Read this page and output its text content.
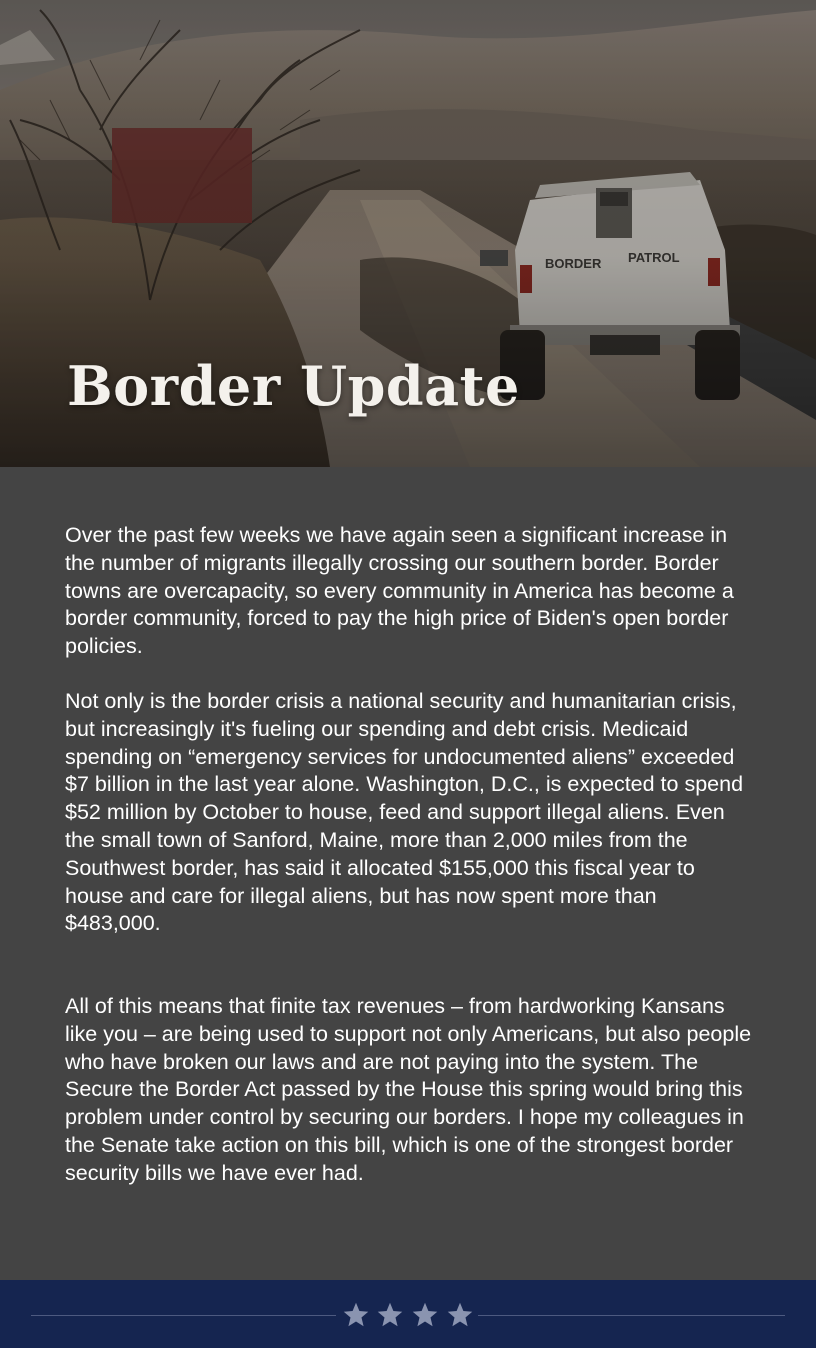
Border Update

Over the past few weeks we have again seen a significant increase in the number of migrants illegally crossing our southern border. Border towns are overcapacity, so every community in America has become a border community, forced to pay the high price of Biden's open border policies.

Not only is the border crisis a national security and humanitarian crisis, but increasingly it's fueling our spending and debt crisis. Medicaid spending on “emergency services for undocumented aliens” exceeded $7 billion in the last year alone. Washington, D.C., is expected to spend $52 million by October to house, feed and support illegal aliens. Even the small town of Sanford, Maine, more than 2,000 miles from the Southwest border, has said it allocated $155,000 this fiscal year to house and care for illegal aliens, but has now spent more than $483,000.

All of this means that finite tax revenues – from hardworking Kansans like you – are being used to support not only Americans, but also people who have broken our laws and are not paying into the system. The Secure the Border Act passed by the House this spring would bring this problem under control by securing our borders. I hope my colleagues in the Senate take action on this bill, which is one of the strongest border security bills we have ever had.
